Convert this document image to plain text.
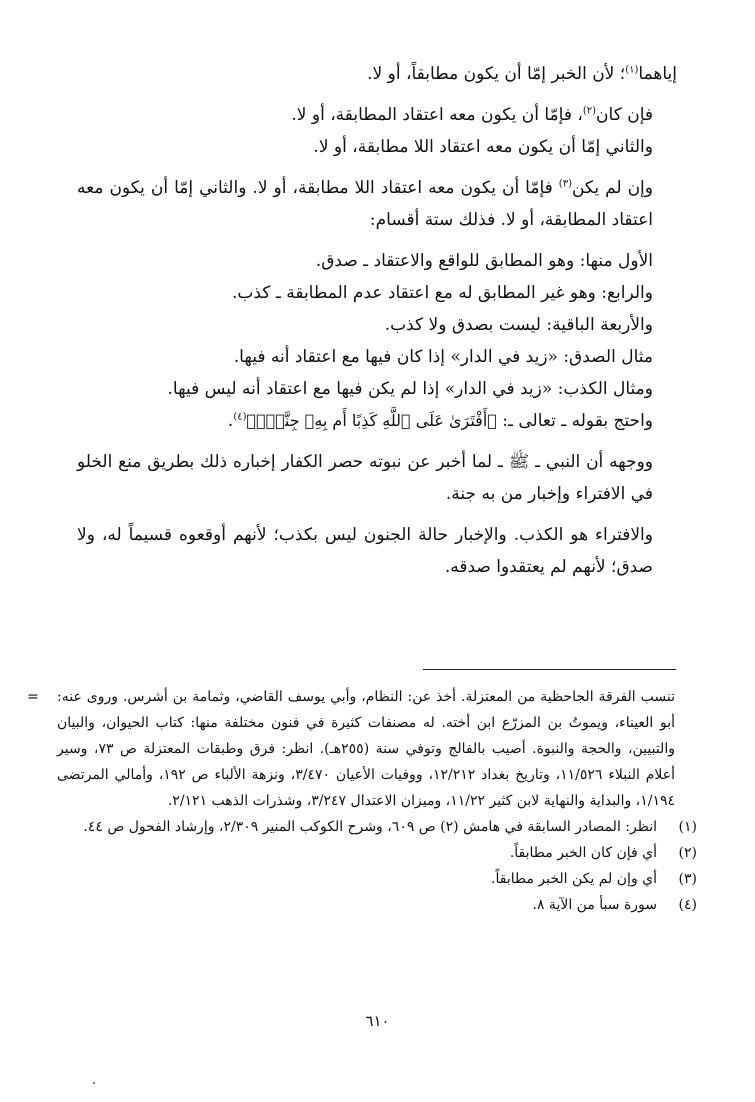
إياهما$^{(١)}$؛ لأن الخبر إمّا أن يكون مطابقاً، أو لا.

فإن كان$^{(٢)}$، فإمّا أن يكون معه اعتقاد المطابقة، أو لا.

والثاني إمّا أن يكون معه اعتقاد اللا مطابقة، أو لا.

وإن لم يكن$^{(٣)}$ فإمّا أن يكون معه اعتقاد اللا مطابقة، أو لا. والثاني إمّا أن يكون معه اعتقاد المطابقة، أو لا. فذلك ستة أقسام:

الأول منها: وهو المطابق للواقع والاعتقاد ـ صدق.

والرابع: وهو غير المطابق له مع اعتقاد عدم المطابقة ـ كذب.

والأربعة الباقية: ليست بصدق ولا كذب.

مثال الصدق: «زيد في الدار» إذا كان فيها مع اعتقاد أنه فيها.

ومثال الكذب: «زيد في الدار» إذا لم يكن فيها مع اعتقاد أنه ليس فيها.

واحتج بقوله ـ تعالى ـ: ﴿أَفْتَرَىٰ عَلَى ٱللَّهِ كَذِبًا أَم بِهِۦ جِنَّةٌۢ﴾$^{(٤)}$.

ووجهه أن النبي ـ ﷺ ـ لما أخبر عن نبوته حصر الكفار إخباره ذلك بطريق منع الخلو في الافتراء وإخبار من به جنة.

والافتراء هو الكذب. والإخبار حالة الجنون ليس بكذب؛ لأنهم أوقعوه قسيماً له، ولا صدق؛ لأنهم لم يعتقدوا صدقه.

= تنسب الفرقة الجاحظية من المعتزلة. أخذ عن: النظام، وأبي يوسف القاضي، وثمامة بن أشرس. وروى عنه: أبو العيناء، ويموتُ بن المزرّع ابن أخته. له مصنفات كثيرة في فنون مختلفة منها: كتاب الحيوان، والبيان والتبيين، والحجة والنبوة. أصيب بالفالج وتوفي سنة (٢٥٥هـ). انظر: فرق وطبقات المعتزلة ص ٧٣، وسير أعلام النبلاء ١١/٥٢٦، وتاريخ بغداد ١٢/٢١٢، ووفيات الأعيان ٣/٤٧٠، ونزهة الألباء ص ١٩٢، وأمالي المرتضى ١/١٩٤، والبداية والنهاية لابن كثير ١١/٢٢، وميزان الاعتدال ٣/٢٤٧، وشذرات الذهب ٢/١٢١.
(١)
انظر: المصادر السابقة في هامش (٢) ص ٦٠٩، وشرح الكوكب المنير ٢/٣٠٩، وإرشاد الفحول ص ٤٤.
(٢)
أي فإن كان الخبر مطابقاً.
(٣)
أي وإن لم يكن الخبر مطابقاً.
(٤)
سورة سبأ من الآية ٨.
٦١٠
